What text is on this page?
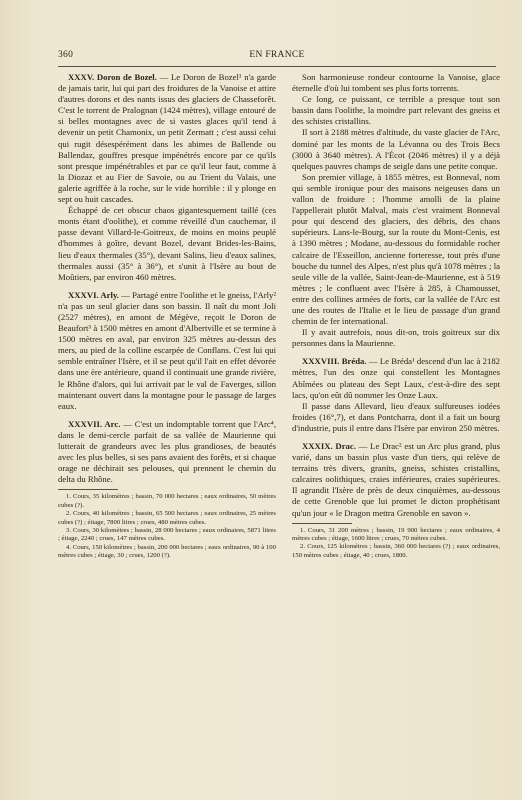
360	EN FRANCE

XXXV. Doron de Bozel. — Le Doron de Bozel¹ n'a garde de jamais tarir, lui qui part des froidures de la Vanoise et attire d'autres dorons et des nants issus des glaciers de Chasseforêt. C'est le torrent de Pralognan (1424 mètres), village entouré de si belles montagnes avec de si vastes glaces qu'il tend à devenir un petit Chamonix, un petit Zermatt ; c'est aussi celui qui rugit désespérément dans les abimes de Ballende ou Ballendaz, gouffres presque impénétrés encore par ce qu'ils sont presque impénétrables et par ce qu'il leur faut, comme à la Diozaz et au Fier de Savoie, ou au Trient du Valais, une galerie agriffée à la roche, sur le vide horrible : il y plonge en sept ou huit cascades.

Échappé de cet obscur chaos gigantesquement taillé (ces monts étant d'oolithe), et comme réveillé d'un cauchemar, il passe devant Villard-le-Goitreux, de moins en moins peuplé d'hommes à goître, devant Bozel, devant Brides-les-Bains, lieu d'eaux thermales (35°), devant Salins, lieu d'eaux salines, thermales aussi (35° à 36°), et s'unit à l'Isère au bout de Moûtiers, par environ 460 mètres.

XXXVI. Arly. — Partagé entre l'oolithe et le gneiss, l'Arly² n'a pas un seul glacier dans son bassin. Il naît du mont Joli (2527 mètres), en amont de Mégève, reçoit le Doron de Beaufort³ à 1500 mètres en amont d'Albertville et se termine à 1500 mètres en aval, par environ 325 mètres au-dessus des mers, au pied de la colline escarpée de Conflans. C'est lui qui semble entraîner l'Isère, et il se peut qu'il l'ait en effet dévorée dans une ère antérieure, quand il continuait une grande rivière, le Rhône d'alors, qui lui arrivait par le val de Faverges, sillon maintenant ouvert dans la montagne pour le passage de larges eaux.

XXXVII. Arc. — C'est un indomptable torrent que l'Arc⁴, dans le demi-cercle parfait de sa vallée de Maurienne qui lutterait de grandeurs avec les plus grandioses, de beautés avec les plus belles, si ses pans avaient des forêts, et si chaque orage ne déchirait ses pelouses, qui prennent le chemin du delta du Rhône.

1. Cours, 35 kilomètres ; bassin, 70 000 hectares ; eaux ordinaires, 50 mètres cubes (?).

2. Cours, 40 kilomètres ; bassin, 65 500 hectares ; eaux ordinaires, 25 mètres cubes (?) ; étiage, 7800 litres ; crues, 480 mètres cubes.

3. Cours, 30 kilomètres ; bassin, 28 000 hectares ; eaux ordinaires, 5871 litres ; étiage, 2240 ; crues, 147 mètres cubes.

4. Cours, 150 kilomètres ; bassin, 200 000 hectares ; eaux ordinaires, 90 à 100 mètres cubes ; étiage, 30 ; crues, 1200 (?).

Son harmonieuse rondeur contourne la Vanoise, glace éternelle d'où lui tombent ses plus forts torrents.

Ce long, ce puissant, ce terrible a presque tout son bassin dans l'oolithe, la moindre part relevant des gneiss et des schistes cristallins.

Il sort à 2188 mètres d'altitude, du vaste glacier de l'Arc, dominé par les monts de la Lévanna ou des Trois Becs (3000 à 3640 mètres). A l'Écot (2046 mètres) il y a déjà quelques pauvres champs de seigle dans une petite conque.

Son premier village, à 1855 mètres, est Bonneval, nom qui semble ironique pour des maisons neigeuses dans un vallon de froidure : l'homme amolli de la plaine l'appellerait plutôt Malval, mais c'est vraiment Bonneval pour qui descend des glaciers, des débris, des chaos supérieurs. Lans-le-Bourg, sur la route du Mont-Cenis, est à 1390 mètres ; Modane, au-dessous du formidable rocher calcaire de l'Esseillon, ancienne forteresse, tout près d'une bouche du tunnel des Alpes, n'est plus qu'à 1078 mètres ; la seule ville de la vallée, Saint-Jean-de-Maurienne, est à 519 mètres ; le confluent avec l'Isère à 285, à Chamousset, entre des collines armées de forts, car la vallée de l'Arc est une des routes de l'Italie et le lieu de passage d'un grand chemin de fer international.

Il y avait autrefois, nous dit-on, trois goitreux sur dix personnes dans la Maurienne.

XXXVIII. Bréda. — Le Bréda¹ descend d'un lac à 2182 mètres, l'un des onze qui constellent les Montagnes Abîmées ou plateau des Sept Laux, c'est-à-dire des sept lacs, qu'on eût dû nommer les Onze Laux.

Il passe dans Allevard, lieu d'eaux sulfureuses iodées froides (16°,7), et dans Pontcharra, dont il a fait un bourg d'industrie, puis il entre dans l'Isère par environ 250 mètres.

XXXIX. Drac. — Le Drac² est un Arc plus grand, plus varié, dans un bassin plus vaste d'un tiers, qui relève de terrains très divers, granits, gneiss, schistes cristallins, calcaires oolithiques, craies inférieures, craies supérieures. Il agrandit l'Isère de près de deux cinquièmes, au-dessous de cette Grenoble que lui promet le dicton prophétisant qu'un jour « le Dragon mettra Grenoble en savon ».

1. Cours, 31 200 mètres ; bassin, 19 900 hectares ; eaux ordinaires, 4 mètres cubes ; étiage, 1600 litres ; crues, 70 mètres cubes.

2. Cours, 125 kilomètres ; bassin, 360 000 hectares (?) ; eaux ordinaires, 150 mètres cubes ; étiage, 40 ; crues, 1800.
